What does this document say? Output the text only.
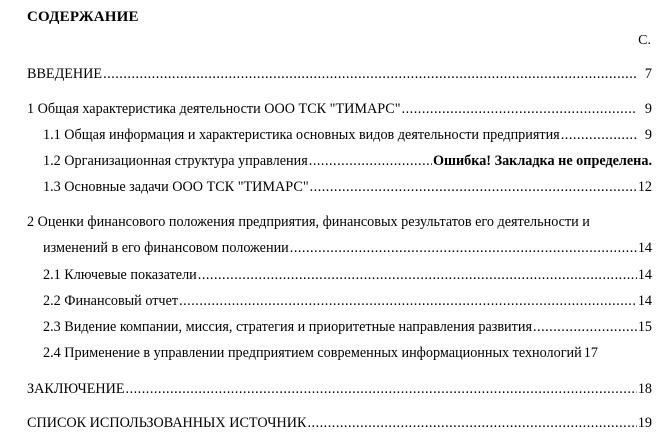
СОДЕРЖАНИЕ
С.
ВВЕДЕНИЕ .....	7
1 Общая характеристика деятельности ООО ТСК "ТИМАРС" .....	9
1.1 Общая информация и характеристика основных видов деятельности предприятия .....	9
1.2 Организационная структура управления .....	Ошибка! Закладка не определена.
1.3 Основные задачи ООО ТСК "ТИМАРС" .....	12
2 Оценки финансового положения предприятия, финансовых результатов его деятельности и
изменений в его финансовом положении .....	14
2.1 Ключевые показатели .....	14
2.2 Финансовый отчет .....	14
2.3 Видение компании, миссия, стратегия и приоритетные направления развития .....	15
2.4 Применение в управлении предприятием современных информационных технологий 17
ЗАКЛЮЧЕНИЕ .....	18
СПИСОК ИСПОЛЬЗОВАННЫХ ИСТОЧНИК .....	19
